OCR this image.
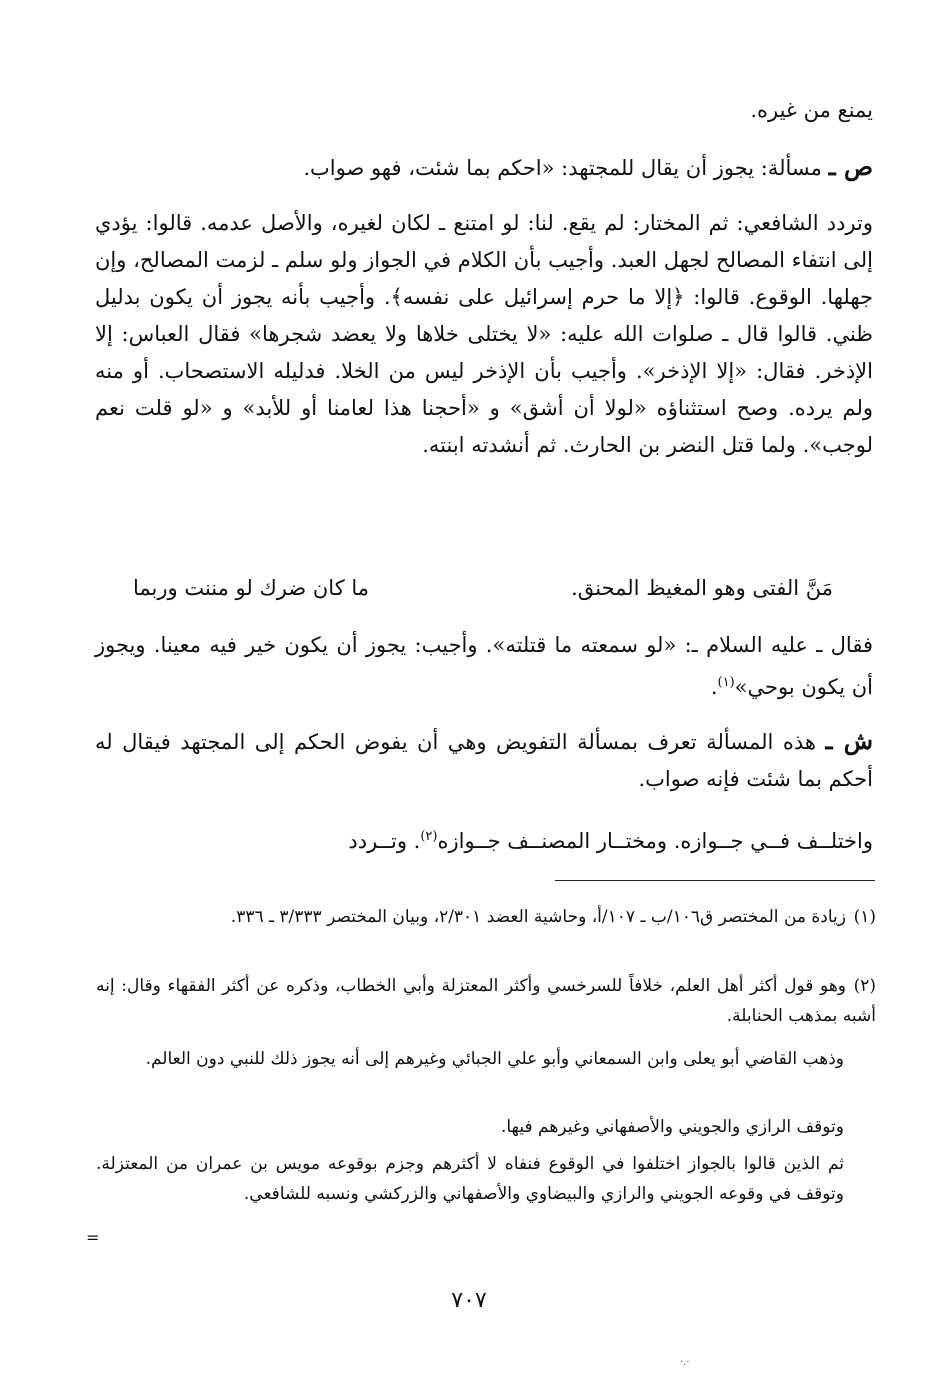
يمنع من غيره.
ص ـ مسألة: يجوز أن يقال للمجتهد: «احكم بما شئت، فهو صواب.
وتردد الشافعي: ثم المختار: لم يقع. لنا: لو امتنع ـ لكان لغيره، والأصل عدمه. قالوا: يؤدي إلى انتفاء المصالح لجهل العبد. وأجيب بأن الكلام في الجواز ولو سلم ـ لزمت المصالح، وإن جهلها. الوقوع. قالوا: ﴿إلا ما حرم إسرائيل على نفسه﴾. وأجيب بأنه يجوز أن يكون بدليل ظني. قالوا قال ـ صلوات الله عليه: «لا يختلى خلاها ولا يعضد شجرها» فقال العباس: إلا الإذخر. فقال: «إلا الإذخر». وأجيب بأن الإذخر ليس من الخلا. فدليله الاستصحاب. أو منه ولم يرده. وصح استثناؤه «لولا أن أشق» و «أحجنا هذا لعامنا أو للأبد» و «لو قلت نعم لوجب». ولما قتل النضر بن الحارث. ثم أنشدته ابنته.
ما كان ضرك لو مننت وربما	مَنَّ الفتى وهو المغيظ المحنق.
فقال ـ عليه السلام ـ: «لو سمعته ما قتلته». وأجيب: يجوز أن يكون خير فيه معينا. ويجوز أن يكون بوحي»$^{(١)}$.
ش ـ هذه المسألة تعرف بمسألة التفويض وهي أن يفوض الحكم إلى المجتهد فيقال له أحكم بما شئت فإنه صواب.
واختلــف فــي جــوازه. ومختــار المصنــف جــوازه$^{(٢)}$. وتــردد
(١)زيادة من المختصر ق١٠٦/ب ـ ١٠٧/أ، وحاشية العضد ٢/٣٠١، وبيان المختصر ٣/٣٣٣ ـ ٣٣٦.
(٢)وهو قول أكثر أهل العلم، خلافاً للسرخسي وأكثر المعتزلة وأبي الخطاب، وذكره عن أكثر الفقهاء وقال: إنه أشبه بمذهب الحنابلة.
وذهب القاضي أبو يعلى وابن السمعاني وأبو علي الجبائي وغيرهم إلى أنه يجوز ذلك للنبي دون العالم.
وتوقف الرازي والجويني والأصفهاني وغيرهم فيها.
ثم الذين قالوا بالجواز اختلفوا في الوقوع فنفاه لا أكثرهم وجزم بوقوعه مويس بن عمران من المعتزلة. وتوقف في وقوعه الجويني والرازي والبيضاوي والأصفهاني والزركشي ونسبه للشافعي.
=
٧٠٧
·.·
